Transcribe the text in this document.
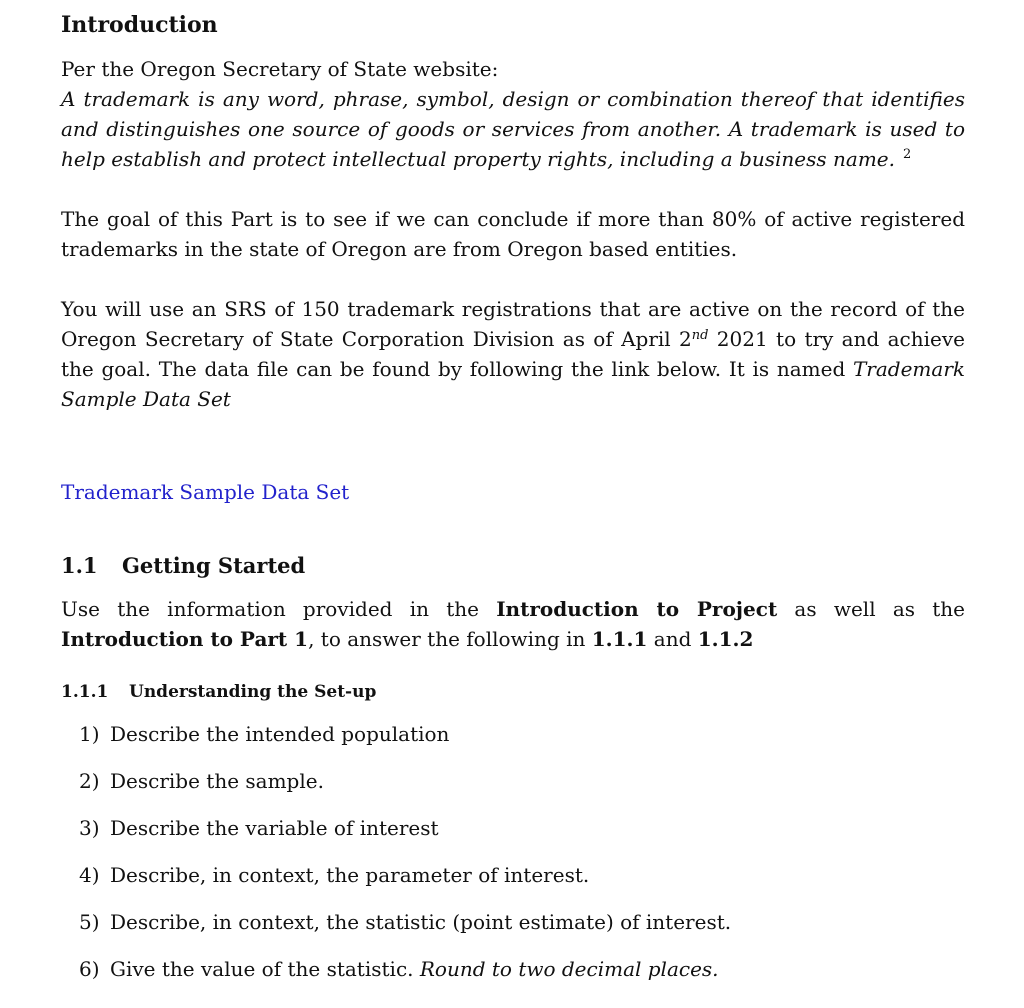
Introduction
Per the Oregon Secretary of State website:
A trademark is any word, phrase, symbol, design or combination thereof that identifies and distinguishes one source of goods or services from another. A trademark is used to help establish and protect intellectual property rights, including a business name. $^2$
The goal of this Part is to see if we can conclude if more than 80% of active registered trademarks in the state of Oregon are from Oregon based entities.
You will use an SRS of 150 trademark registrations that are active on the record of the Oregon Secretary of State Corporation Division as of April 2nd 2021 to try and achieve the goal. The data file can be found by following the link below. It is named Trademark Sample Data Set
Trademark Sample Data Set
1.1 Getting Started
Use the information provided in the Introduction to Project as well as the Introduction to Part 1, to answer the following in 1.1.1 and 1.1.2
1.1.1 Understanding the Set-up
1) Describe the intended population
2) Describe the sample.
3) Describe the variable of interest
4) Describe, in context, the parameter of interest.
5) Describe, in context, the statistic (point estimate) of interest.
6) Give the value of the statistic. Round to two decimal places.
